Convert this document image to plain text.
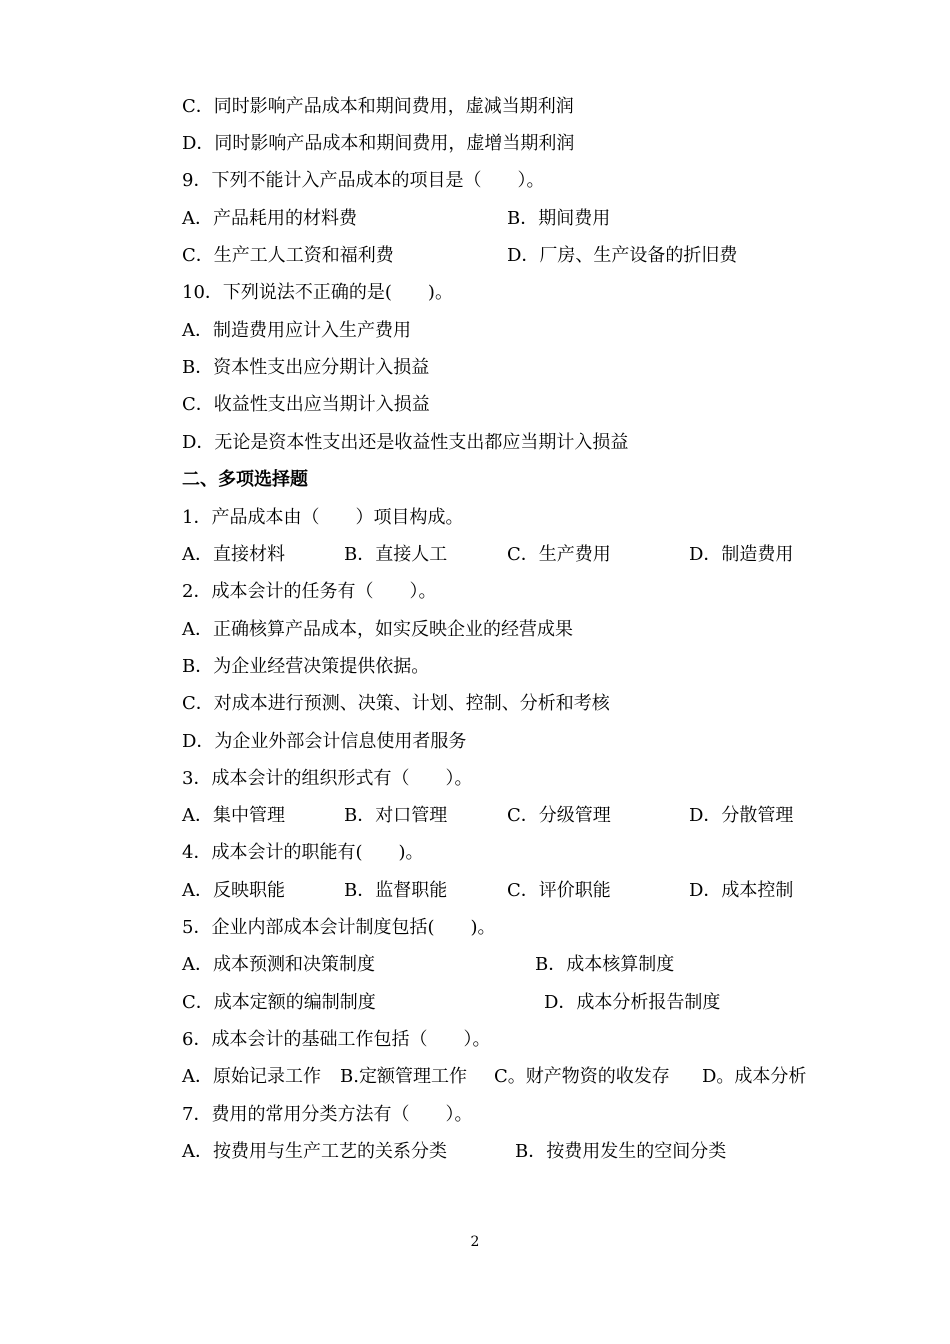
C．同时影响产品成本和期间费用，虚减当期利润
D．同时影响产品成本和期间费用，虚增当期利润
9．下列不能计入产品成本的项目是（　　）。
A．产品耗用的材料费	B．期间费用
C．生产工人工资和福利费	D．厂房、生产设备的折旧费
10．下列说法不正确的是(　　)。
A．制造费用应计入生产费用
B．资本性支出应分期计入损益
C．收益性支出应当期计入损益
D．无论是资本性支出还是收益性支出都应当期计入损益
二、多项选择题
1．产品成本由（　　）项目构成。
A．直接材料	B．直接人工	C．生产费用	D．制造费用
2．成本会计的任务有（　　）。
A．正确核算产品成本，如实反映企业的经营成果
B．为企业经营决策提供依据。
C．对成本进行预测、决策、计划、控制、分析和考核
D．为企业外部会计信息使用者服务
3．成本会计的组织形式有（　　）。
A．集中管理	B．对口管理	C．分级管理	D．分散管理
4．成本会计的职能有(　　)。
A．反映职能	B．监督职能	C．评价职能	D．成本控制
5．企业内部成本会计制度包括(　　)。
A．成本预测和决策制度	B．成本核算制度
C．成本定额的编制制度	D．成本分析报告制度
6．成本会计的基础工作包括（　　）。
A．原始记录工作 B.定额管理工作 C。财产物资的收发存 D。成本分析
7．费用的常用分类方法有（　　）。
A．按费用与生产工艺的关系分类	B．按费用发生的空间分类
2
